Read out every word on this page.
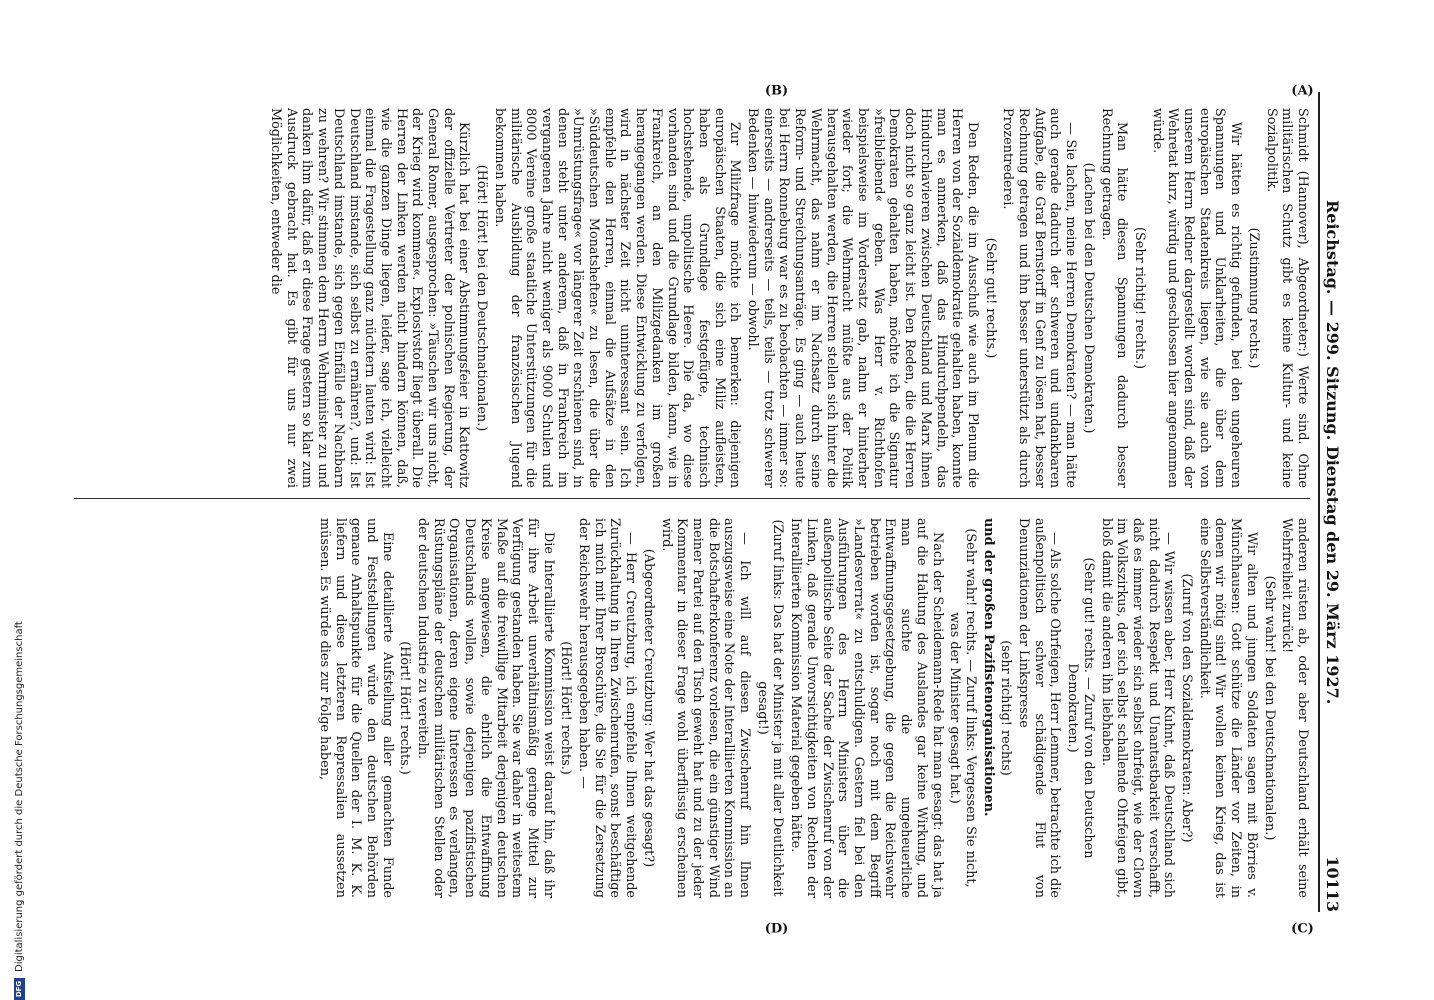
Reichstag. — 299. Sitzung. Dienstag den 29. März 1927.
10113
(A)
(B)
(C)
(D)

Schmidt (Hannover), Abgeordneter:) Werte sind. Ohne militärischen Schutz gibt es keine Kultur- und keine Sozialpolitik.

(Zustimmung rechts.)

Wir hätten es richtig gefunden, bei den ungeheuren Spannungen und Unklarheiten, die über dem europäischen Staatenkreis liegen, wie sie auch von unserem Herrn Redner dargestellt worden sind, daß der Wehretat kurz, würdig und geschlossen hier angenommen würde.

(Sehr richtig! rechts.)

Man hätte diesen Spannungen dadurch besser Rechnung getragen.

(Lachen bei den Deutschen Demokraten.)

— Sie lachen, meine Herren Demokraten? — man hätte auch gerade dadurch der schweren und undankbaren Aufgabe, die Graf Bernstorff in Genf zu lösen hat, besser Rechnung getragen und ihn besser unterstützt als durch Prozentrederei.

(Sehr gut! rechts.)

Den Reden, die im Ausschuß wie auch im Plenum die Herren von der Sozialdemokratie gehalten haben, konnte man es anmerken, daß das Hindurchpendeln, das Hindurchlavieren zwischen Deutschland und Marx ihnen doch nicht so ganz leicht ist. Den Reden, die die Herren Demokraten gehalten haben, möchte ich die Signatur »freibleibend« geben. Was Herr v. Richthofen beispielsweise im Vordersatz gab, nahm er hinterher wieder fort; die Wehrmacht müßte aus der Politik herausgehalten werden, die Herren stellen sich hinter die Wehrmacht, das nahm er im Nachsatz durch seine Reform- und Streichungsanträge. Es ging — auch heute bei Herrn Ronneburg war es zu beobachten — immer so: einerseits — andrerseits — teils, teils — trotz schwerer Bedenken — hinwiederum — obwohl.

Zur Milizfrage möchte ich bemerken: diejenigen europäischen Staaten, die sich eine Miliz aufleisten, haben als Grundlage festgefügte, technisch hochstehende, unpolitische Heere. Die da, wo diese vorhanden sind und die Grundlage bilden, kann, wie in Frankreich, an den Milizgedanken im großen herangegangen werden. Diese Entwicklung zu verfolgen, wird in nächster Zeit nicht uninteressant sein. Ich empfehle den Herren, einmal die Aufsätze in den »Süddeutschen Monatsheften« zu lesen, die über die »Umrüstungsfrage« vor längerer Zeit erschienen sind, in denen steht unter anderem, daß in Frankreich im vergangenen Jahre nicht weniger als 9000 Schulen und 8000 Vereine große staatliche Unterstützungen für die militärische Ausbildung der französischen Jugend bekommen haben.

(Hört! Hört! bei den Deutschnationalen.)

Kürzlich hat bei einer Abstimmungsfeier in Kattowitz der offizielle Vertreter der polnischen Regierung, der General Romer, ausgesprochen: »Täuschen wir uns nicht, der Krieg wird kommen«. Explosivstoff liegt überall. Die Herren der Linken werden nicht hindern können, daß, wie die ganzen Dinge liegen, leider, sage ich, vielleicht einmal die Fragestellung ganz nüchtern lauten wird: Ist Deutschland imstande, sich selbst zu ernähren?, und: Ist Deutschland imstande, sich gegen Einfälle der Nachbarn zu wehren? Wir stimmen dem Herrn Wehrminister zu und danken ihm dafür, daß er diese Frage gestern so klar zum Ausdruck gebracht hat. Es gibt für uns nur zwei Möglichkeiten, entweder die

anderen rüsten ab, oder aber Deutschland erhält seine Wehrfreiheit zurück!

(Sehr wahr! bei den Deutschnationalen.)

Wir alten und jungen Soldaten sagen mit Börries v. Münchhausen: Gott schütze die Länder vor Zeiten, in denen wir nötig sind! Wir wollen keinen Krieg, das ist eine Selbstverständlichkeit.

(Zuruf von den Sozialdemokraten: Aber?)

— Wir wissen aber, Herr Kuhnt, daß Deutschland sich nicht dadurch Respekt und Unantastbarkeit verschafft, daß es immer wieder sich selbst ohrfeigt, wie der Clown im Volkszirkus, der sich selbst schallende Ohrfeigen gibt, bloß damit die anderen ihn liebhaben.

(Sehr gut! rechts. — Zuruf von den Deutschen Demokraten.)

— Als solche Ohrfeigen, Herr Lemmer, betrachte ich die außenpolitisch schwer schädigende Flut von Denunziationen der Linkspresse

(sehr richtig! rechts)

und der großen Pazifistenorganisationen.

(Sehr wahr! rechts. — Zuruf links: Vergessen Sie nicht, was der Minister gesagt hat.)

Nach der Scheidemann-Rede hat man gesagt: das hat ja auf die Haltung des Auslandes gar keine Wirkung, und man suchte die ungeheuerliche Entwaffnungsgesetzgebung, die gegen die Reichswehr betrieben worden ist, sogar noch mit dem Begriff »Landesverrat« zu entschuldigen. Gestern fiel bei den Ausführungen des Herrn Ministers über die außenpolitische Seite der Sache der Zwischenruf von der Linken, daß gerade Unvorsichtigkeiten von Rechten der Interalliierten Kommission Material gegeben hätte.

(Zuruf links: Das hat der Minister ja mit aller Deutlichkeit gesagt!)

— Ich will auf diesen Zwischenruf hin Ihnen auszugsweise eine Note der Interalliierten Kommission an die Botschafterkonferenz vorlesen, die ein günstiger Wind meiner Partei auf den Tisch geweht hat und zu der jeder Kommentar in dieser Frage wohl überflüssig erscheinen wird.

(Abgeordneter Creutzburg: Wer hat das gesagt?)

— Herr Creutzburg, ich empfehle Ihnen weitgehende Zurückhaltung in Ihren Zwischenrufen, sonst beschäftige ich mich mit Ihrer Broschüre, die Sie für die Zersetzung der Reichswehr herausgegeben haben. —

(Hört! Hört! rechts.)

Die Interalliierte Kommission weist darauf hin, daß ihr für ihre Arbeit unverhältnismäßig geringe Mittel zur Verfügung gestanden haben. Sie war daher in weitestem Maße auf die freiwillige Mitarbeit derjenigen deutschen Kreise angewiesen, die ehrlich die Entwaffnung Deutschlands wollen, sowie derjenigen pazifistischen Organisationen, deren eigene Interessen es verlangen, Rüstungspläne der deutschen militärischen Stellen oder der deutschen Industrie zu vereiteln.

(Hört! Hört! rechts.)

Eine detaillierte Aufstellung aller gemachten Funde und Feststellungen würde den deutschen Behörden genaue Anhaltspunkte für die Quellen der I. M. K. K. liefern und diese letzteren Repressalien aussetzen müssen. Es würde dies zur Folge haben,

DFG
Digitalisierung gefördert durch die Deutsche Forschungsgemeinschaft
